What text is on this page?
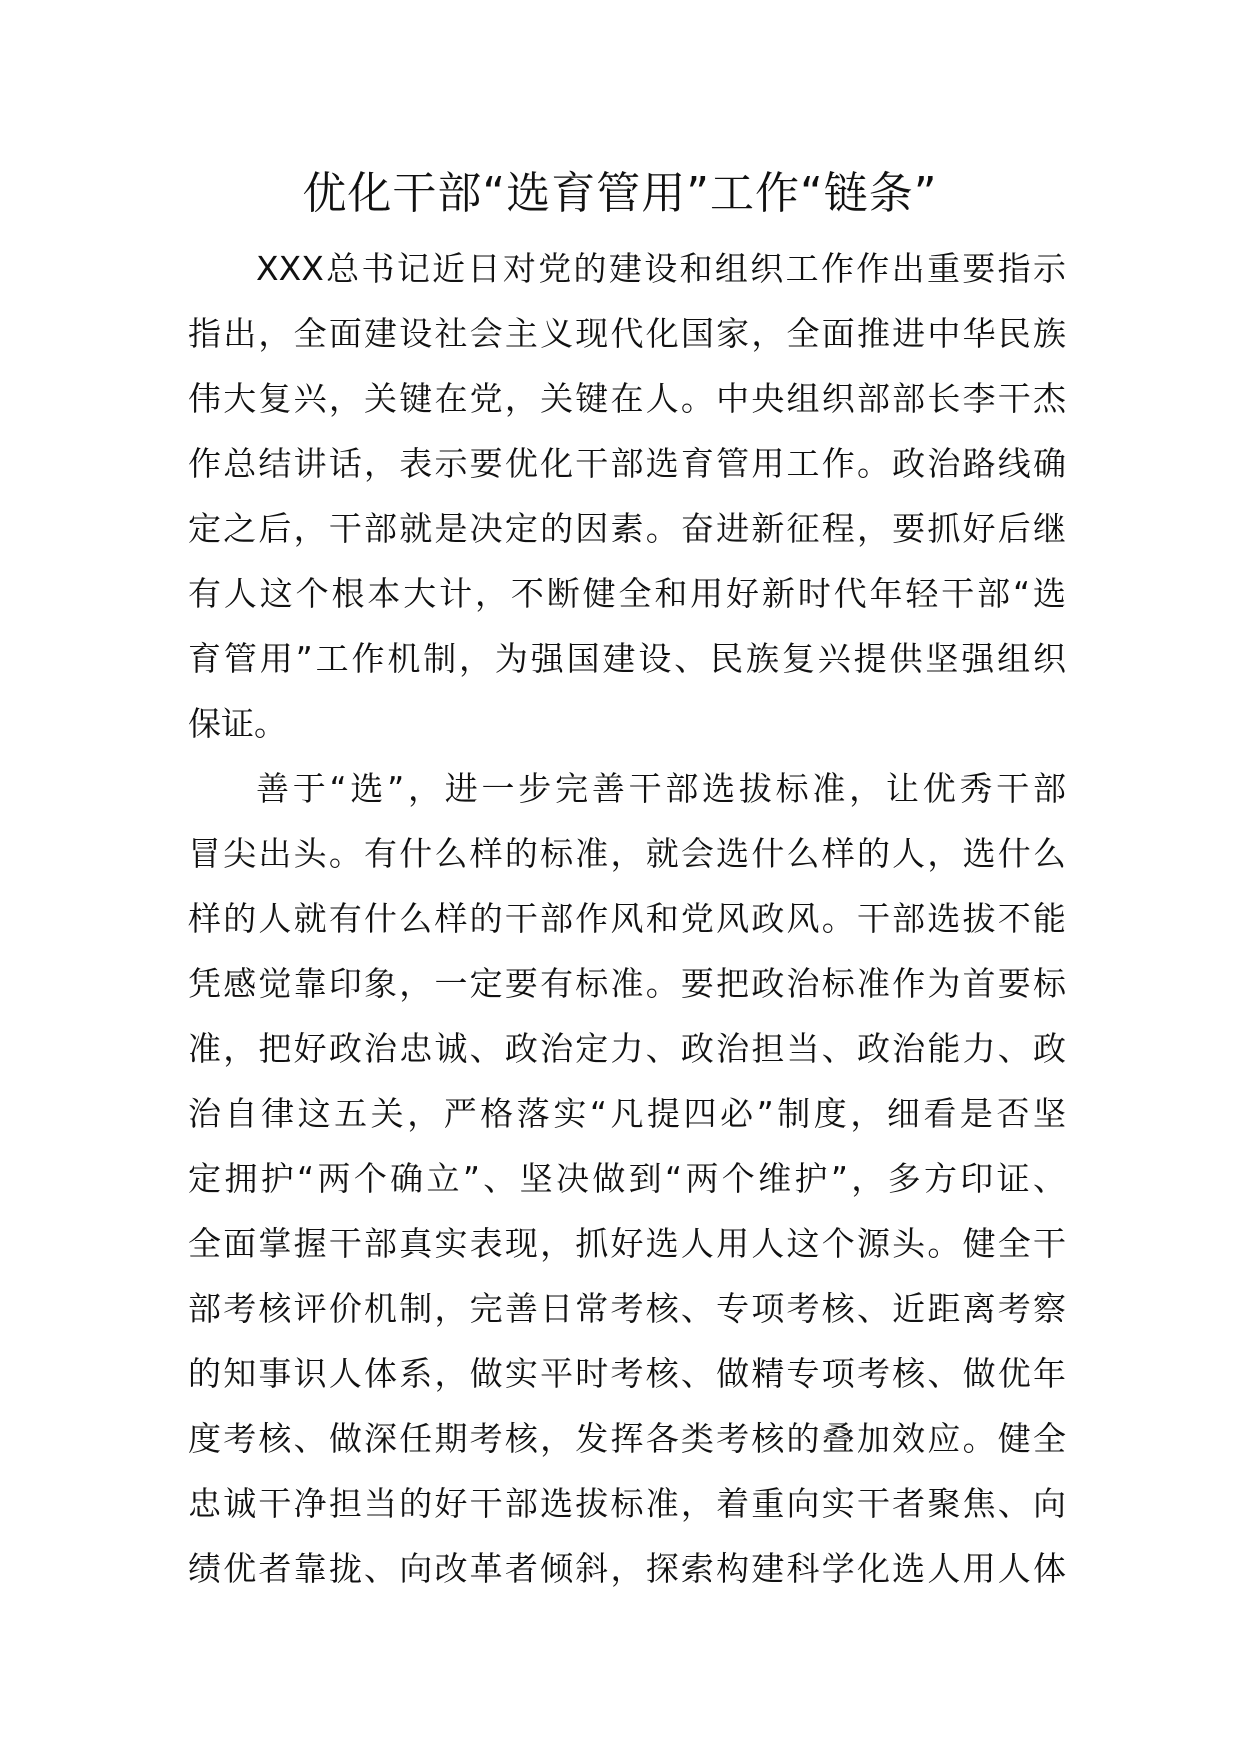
优化干部“选育管用”工作“链条”
XXX总书记近日对党的建设和组织工作作出重要指示
指出，全面建设社会主义现代化国家，全面推进中华民族
伟大复兴，关键在党，关键在人。中央组织部部长李干杰
作总结讲话，表示要优化干部选育管用工作。政治路线确
定之后，干部就是决定的因素。奋进新征程，要抓好后继
有人这个根本大计，不断健全和用好新时代年轻干部“选
育管用”工作机制，为强国建设、民族复兴提供坚强组织
保证。
善于“选”，进一步完善干部选拔标准，让优秀干部
冒尖出头。有什么样的标准，就会选什么样的人，选什么
样的人就有什么样的干部作风和党风政风。干部选拔不能
凭感觉靠印象，一定要有标准。要把政治标准作为首要标
准，把好政治忠诚、政治定力、政治担当、政治能力、政
治自律这五关，严格落实“凡提四必”制度，细看是否坚
定拥护“两个确立”、坚决做到“两个维护”，多方印证、
全面掌握干部真实表现，抓好选人用人这个源头。健全干
部考核评价机制，完善日常考核、专项考核、近距离考察
的知事识人体系，做实平时考核、做精专项考核、做优年
度考核、做深任期考核，发挥各类考核的叠加效应。健全
忠诚干净担当的好干部选拔标准，着重向实干者聚焦、向
绩优者靠拢、向改革者倾斜，探索构建科学化选人用人体
